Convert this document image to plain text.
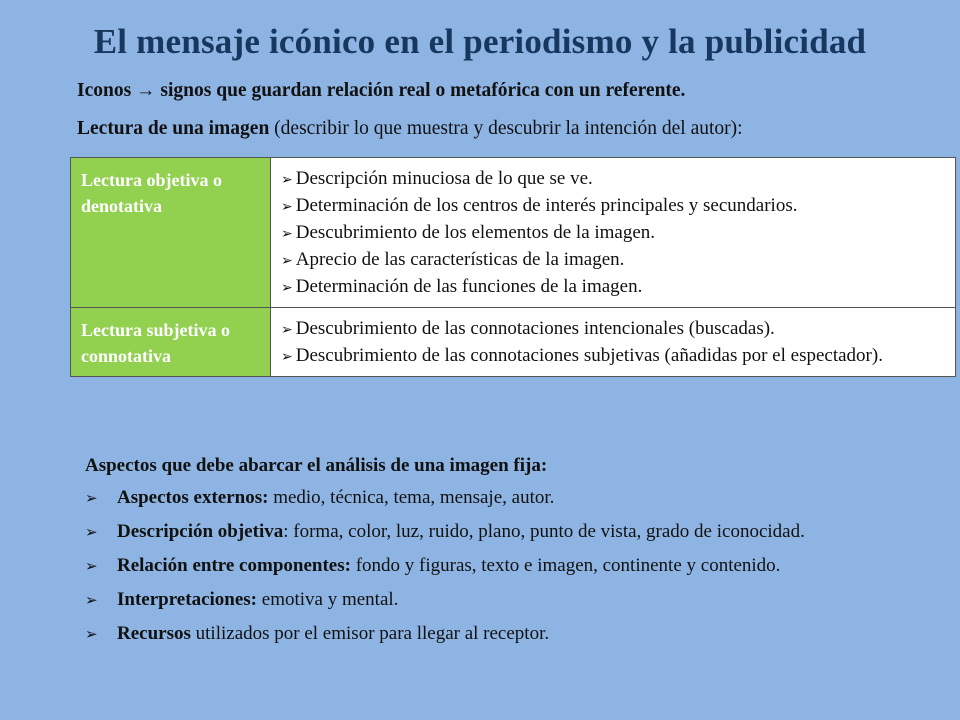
El mensaje icónico en el periodismo y la publicidad
Iconos → signos que guardan relación real o metafórica con un referente.
Lectura de una imagen (describir lo que muestra y descubrir la intención del autor):
Lectura objetiva o denotativa	➢ Descripción minuciosa de lo que se ve.
➢ Determinación de los centros de interés principales y secundarios.
➢ Descubrimiento de los elementos de la imagen.
➢ Aprecio de las características de la imagen.
➢ Determinación de las funciones de la imagen.

Lectura subjetiva o connotativa	➢ Descubrimiento de las connotaciones intencionales (buscadas).
➢ Descubrimiento de las connotaciones subjetivas (añadidas por el espectador).
Aspectos que debe abarcar el análisis de una imagen fija:
➢ Aspectos externos: medio, técnica, tema, mensaje, autor.
➢ Descripción objetiva: forma, color, luz, ruido, plano, punto de vista, grado de iconocidad.
➢ Relación entre componentes: fondo y figuras, texto e imagen, continente y contenido.
➢ Interpretaciones: emotiva y mental.
➢ Recursos utilizados por el emisor para llegar al receptor.
